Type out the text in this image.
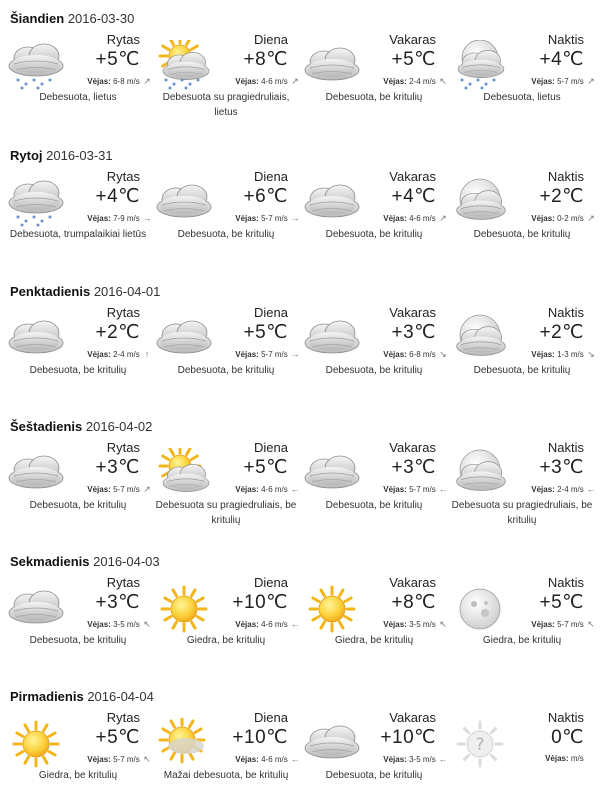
Šiandien 2016-03-30
Rytas
+5℃
Vėjas: 6-8 m/s ↗
Debesuota, lietus
Diena
+8℃
Vėjas: 4-6 m/s ↗
Debesuota su pragiedruliais, lietus
Vakaras
+5℃
Vėjas: 2-4 m/s ↖
Debesuota, be kritulių
Naktis
+4℃
Vėjas: 5-7 m/s ↗
Debesuota, lietus
Rytoj 2016-03-31
Rytas
+4℃
Vėjas: 7-9 m/s →
Debesuota, trumpalaikiai lietūs
Diena
+6℃
Vėjas: 5-7 m/s →
Debesuota, be kritulių
Vakaras
+4℃
Vėjas: 4-6 m/s ↗
Debesuota, be kritulių
Naktis
+2℃
Vėjas: 0-2 m/s ↗
Debesuota, be kritulių
Penktadienis 2016-04-01
Rytas
+2℃
Vėjas: 2-4 m/s ↑
Debesuota, be kritulių
Diena
+5℃
Vėjas: 5-7 m/s →
Debesuota, be kritulių
Vakaras
+3℃
Vėjas: 6-8 m/s ↘
Debesuota, be kritulių
Naktis
+2℃
Vėjas: 1-3 m/s ↘
Debesuota, be kritulių
Šeštadienis 2016-04-02
Rytas
+3℃
Vėjas: 5-7 m/s ↗
Debesuota, be kritulių
Diena
+5℃
Vėjas: 4-6 m/s ←
Debesuota su pragiedruliais, be kritulių
Vakaras
+3℃
Vėjas: 5-7 m/s ←
Debesuota, be kritulių
Naktis
+3℃
Vėjas: 2-4 m/s ←
Debesuota su pragiedruliais, be kritulių
Sekmadienis 2016-04-03
Rytas
+3℃
Vėjas: 3-5 m/s ↖
Debesuota, be kritulių
Diena
+10℃
Vėjas: 4-6 m/s ←
Giedra, be kritulių
Vakaras
+8℃
Vėjas: 3-5 m/s ↖
Giedra, be kritulių
Naktis
+5℃
Vėjas: 5-7 m/s ↖
Giedra, be kritulių
Pirmadienis 2016-04-04
Rytas
+5℃
Vėjas: 5-7 m/s ↖
Giedra, be kritulių
Diena
+10℃
Vėjas: 4-6 m/s ←
Mažai debesuota, be kritulių
Vakaras
+10℃
Vėjas: 3-5 m/s ←
Debesuota, be kritulių
?
Naktis
0℃
Vėjas: m/s
